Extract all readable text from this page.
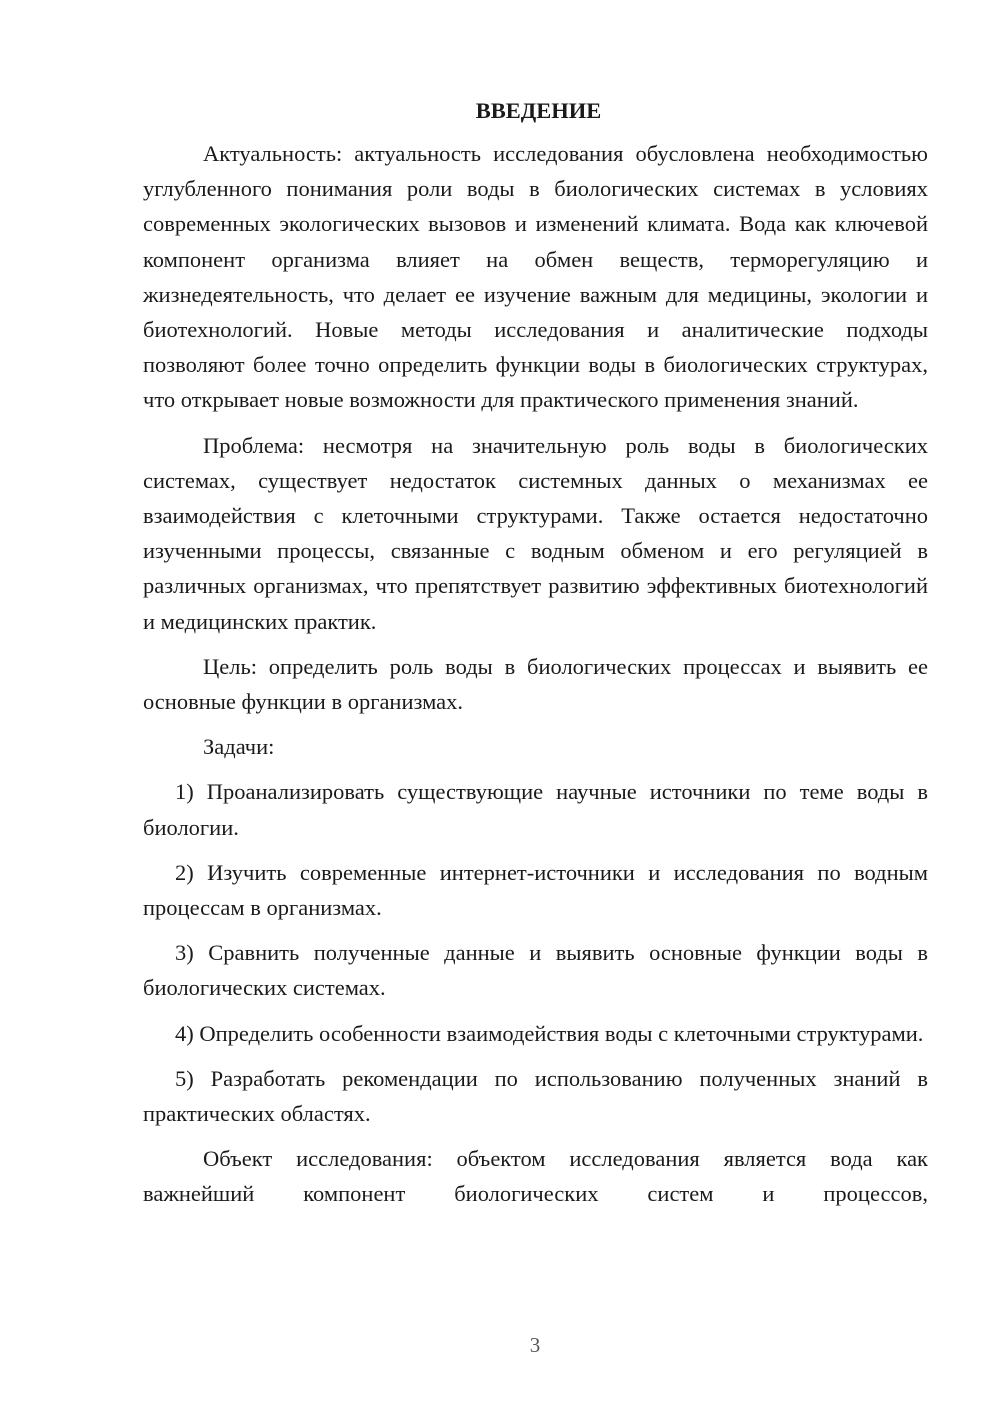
ВВЕДЕНИЕ

Актуальность: актуальность исследования обусловлена необходимостью углубленного понимания роли воды в биологических системах в условиях современных экологических вызовов и изменений климата. Вода как ключевой компонент организма влияет на обмен веществ, терморегуляцию и жизнедеятельность, что делает ее изучение важным для медицины, экологии и биотехнологий. Новые методы исследования и аналитические подходы позволяют более точно определить функции воды в биологических структурах, что открывает новые возможности для практического применения знаний.

Проблема: несмотря на значительную роль воды в биологических системах, существует недостаток системных данных о механизмах ее взаимодействия с клеточными структурами. Также остается недостаточно изученными процессы, связанные с водным обменом и его регуляцией в различных организмах, что препятствует развитию эффективных биотехнологий и медицинских практик.

Цель: определить роль воды в биологических процессах и выявить ее основные функции в организмах.

Задачи:

1) Проанализировать существующие научные источники по теме воды в биологии.

2) Изучить современные интернет-источники и исследования по водным процессам в организмах.

3) Сравнить полученные данные и выявить основные функции воды в биологических системах.

4) Определить особенности взаимодействия воды с клеточными структурами.

5) Разработать рекомендации по использованию полученных знаний в практических областях.

Объект исследования: объектом исследования является вода как важнейший компонент биологических систем и процессов,

3
